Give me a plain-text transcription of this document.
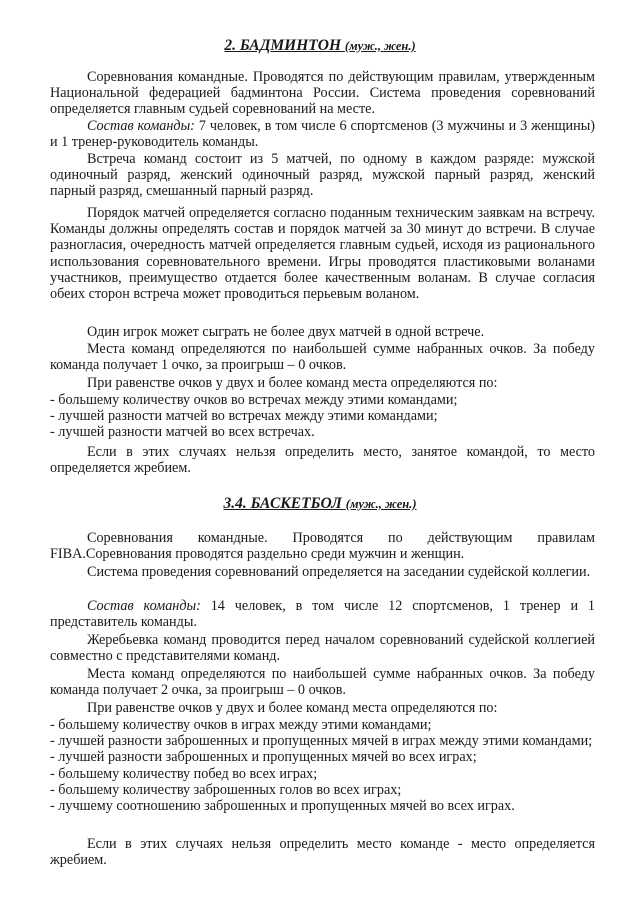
2. БАДМИНТОН (муж., жен.)
Соревнования командные. Проводятся по действующим правилам, утвержденным Национальной федерацией бадминтона России. Система проведения соревнований определяется главным судьей соревнований на месте.
Состав команды: 7 человек, в том числе 6 спортсменов (3 мужчины и 3 женщины) и 1 тренер-руководитель команды.
Встреча команд состоит из 5 матчей, по одному в каждом разряде: мужской одиночный разряд, женский одиночный разряд, мужской парный разряд, женский парный разряд, смешанный парный разряд.
Порядок матчей определяется согласно поданным техническим заявкам на встречу. Команды должны определять состав и порядок матчей за 30 минут до встречи. В случае разногласия, очередность матчей определяется главным судьей, исходя из рационального использования соревновательного времени. Игры проводятся пластиковыми воланами участников, преимущество отдается более качественным воланам. В случае согласия обеих сторон встреча может проводиться перьевым воланом.
Один игрок может сыграть не более двух матчей в одной встрече.
Места команд определяются по наибольшей сумме набранных очков. За победу команда получает 1 очко, за проигрыш – 0 очков.
При равенстве очков у двух и более команд места определяются по:
- большему количеству очков во встречах между этими командами;
- лучшей разности матчей во встречах между этими командами;
- лучшей разности матчей во всех встречах.
Если в этих случаях нельзя определить место, занятое командой, то место определяется жребием.
3.4. БАСКЕТБОЛ (муж., жен.)
Соревнования командные. Проводятся по действующим правилам FIBA.Соревнования проводятся раздельно среди мужчин и женщин.
Система проведения соревнований определяется на заседании судейской коллегии.
Состав команды: 14 человек, в том числе 12 спортсменов, 1 тренер и 1 представитель команды.
Жеребьевка команд проводится перед началом соревнований судейской коллегией совместно с представителями команд.
Места команд определяются по наибольшей сумме набранных очков. За победу команда получает 2 очка, за проигрыш – 0 очков.
При равенстве очков у двух и более команд места определяются по:
- большему количеству очков в играх между этими командами;
- лучшей разности заброшенных и пропущенных мячей в играх между этими командами;
- лучшей разности заброшенных и пропущенных мячей во всех играх;
- большему количеству побед во всех играх;
- большему количеству заброшенных голов во всех играх;
- лучшему соотношению заброшенных и пропущенных мячей во всех играх.
Если в этих случаях нельзя определить место команде - место определяется жребием.
